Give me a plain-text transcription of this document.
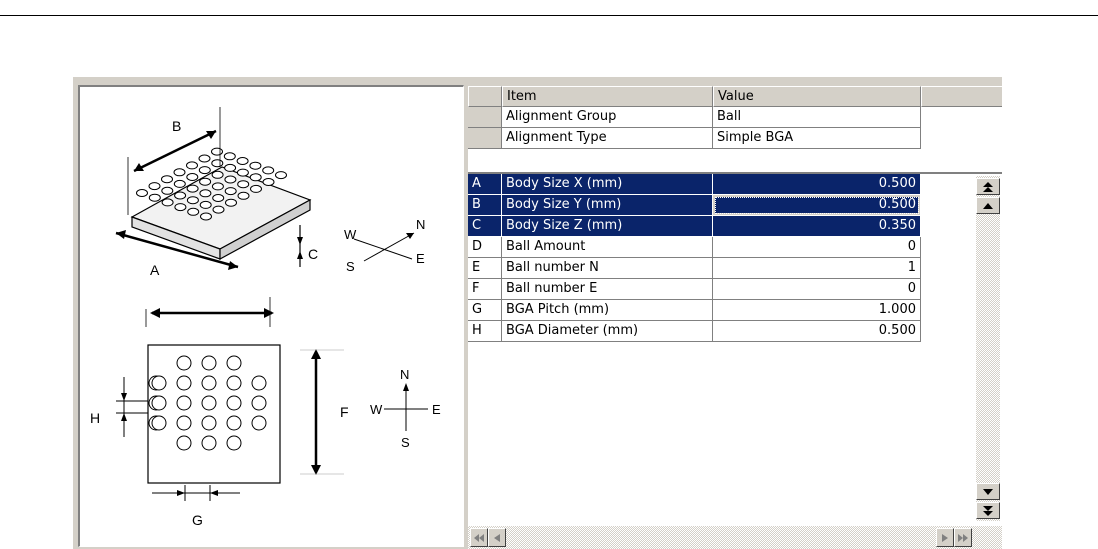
B
A
C
N
W
S
E
F
H
G
N
W
S
E
Item	Value
Alignment Group	Ball
Alignment Type	Simple BGA
A	Body Size X (mm)	0.500
B	Body Size Y (mm)	0.500
C	Body Size Z (mm)	0.350
D	Ball Amount	0
E	Ball number N	1
F	Ball number E	0
G	BGA Pitch (mm)	1.000
H	BGA Diameter (mm)	0.500
